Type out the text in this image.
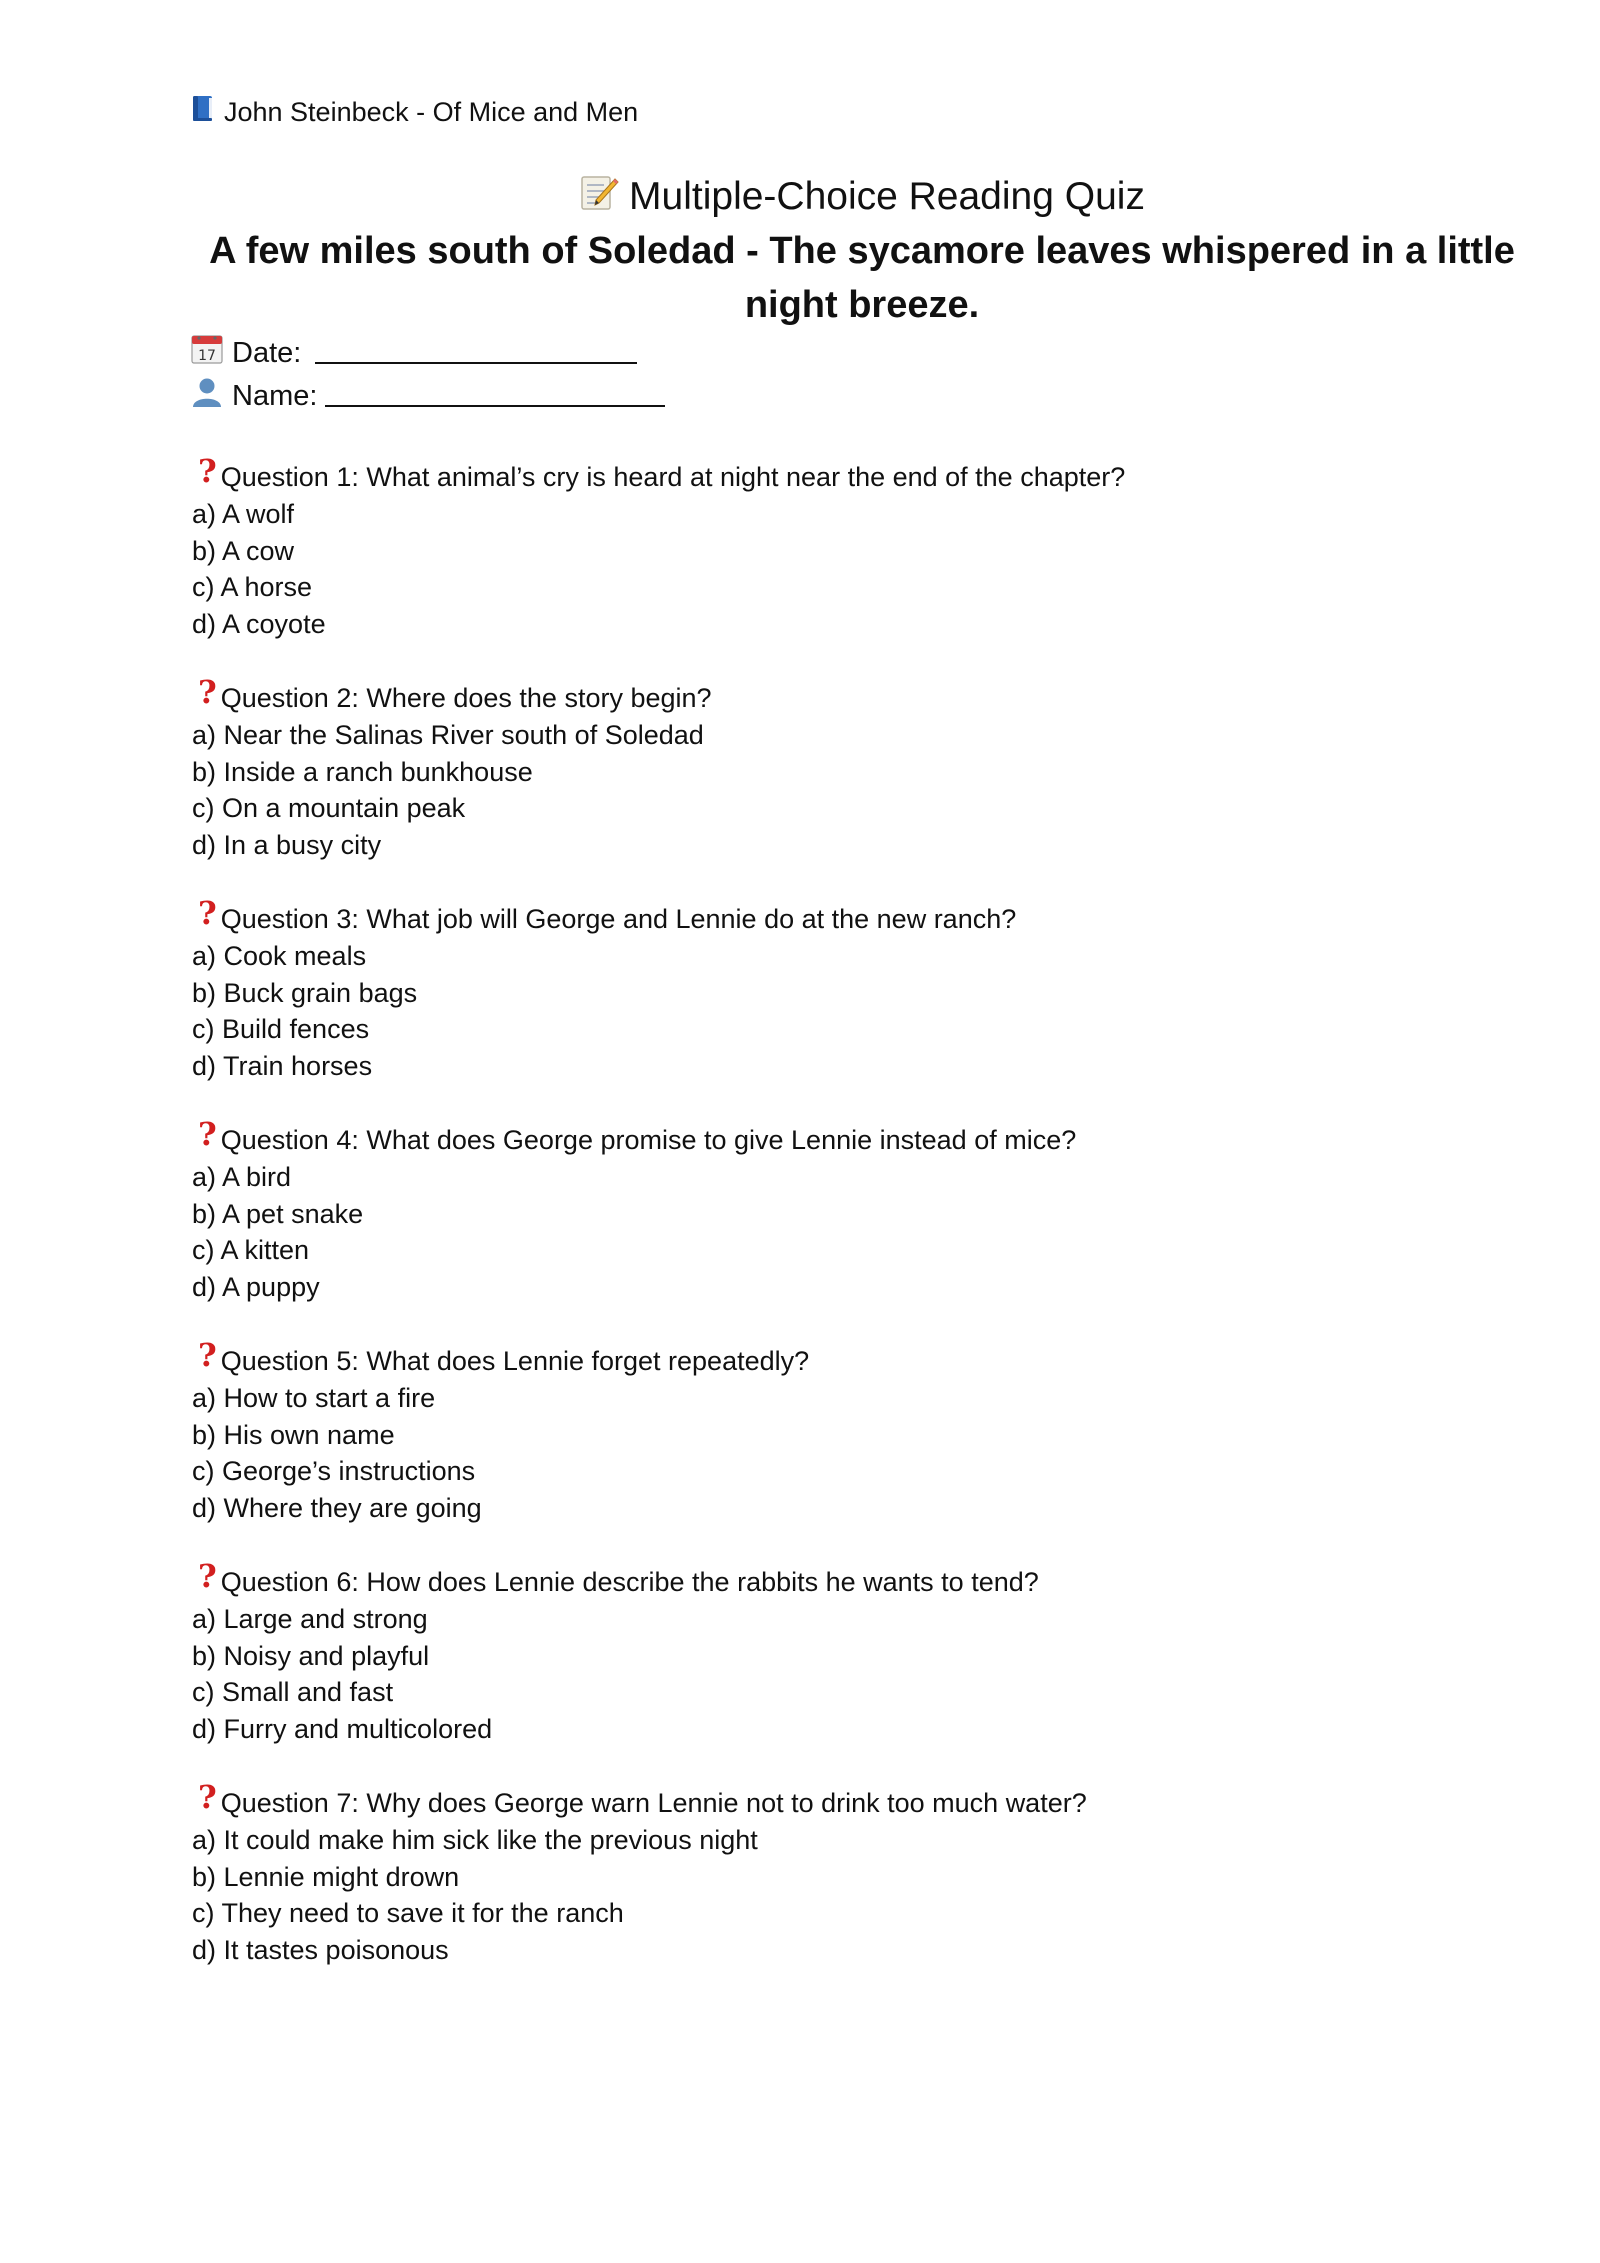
John Steinbeck - Of Mice and Men
Multiple-Choice Reading Quiz
A few miles south of Soledad - The sycamore leaves whispered in a little night breeze.
17 Date:
Name:
? Question 1: What animal’s cry is heard at night near the end of the chapter?
a) A wolf
b) A cow
c) A horse
d) A coyote
? Question 2: Where does the story begin?
a) Near the Salinas River south of Soledad
b) Inside a ranch bunkhouse
c) On a mountain peak
d) In a busy city
? Question 3: What job will George and Lennie do at the new ranch?
a) Cook meals
b) Buck grain bags
c) Build fences
d) Train horses
? Question 4: What does George promise to give Lennie instead of mice?
a) A bird
b) A pet snake
c) A kitten
d) A puppy
? Question 5: What does Lennie forget repeatedly?
a) How to start a fire
b) His own name
c) George’s instructions
d) Where they are going
? Question 6: How does Lennie describe the rabbits he wants to tend?
a) Large and strong
b) Noisy and playful
c) Small and fast
d) Furry and multicolored
? Question 7: Why does George warn Lennie not to drink too much water?
a) It could make him sick like the previous night
b) Lennie might drown
c) They need to save it for the ranch
d) It tastes poisonous
